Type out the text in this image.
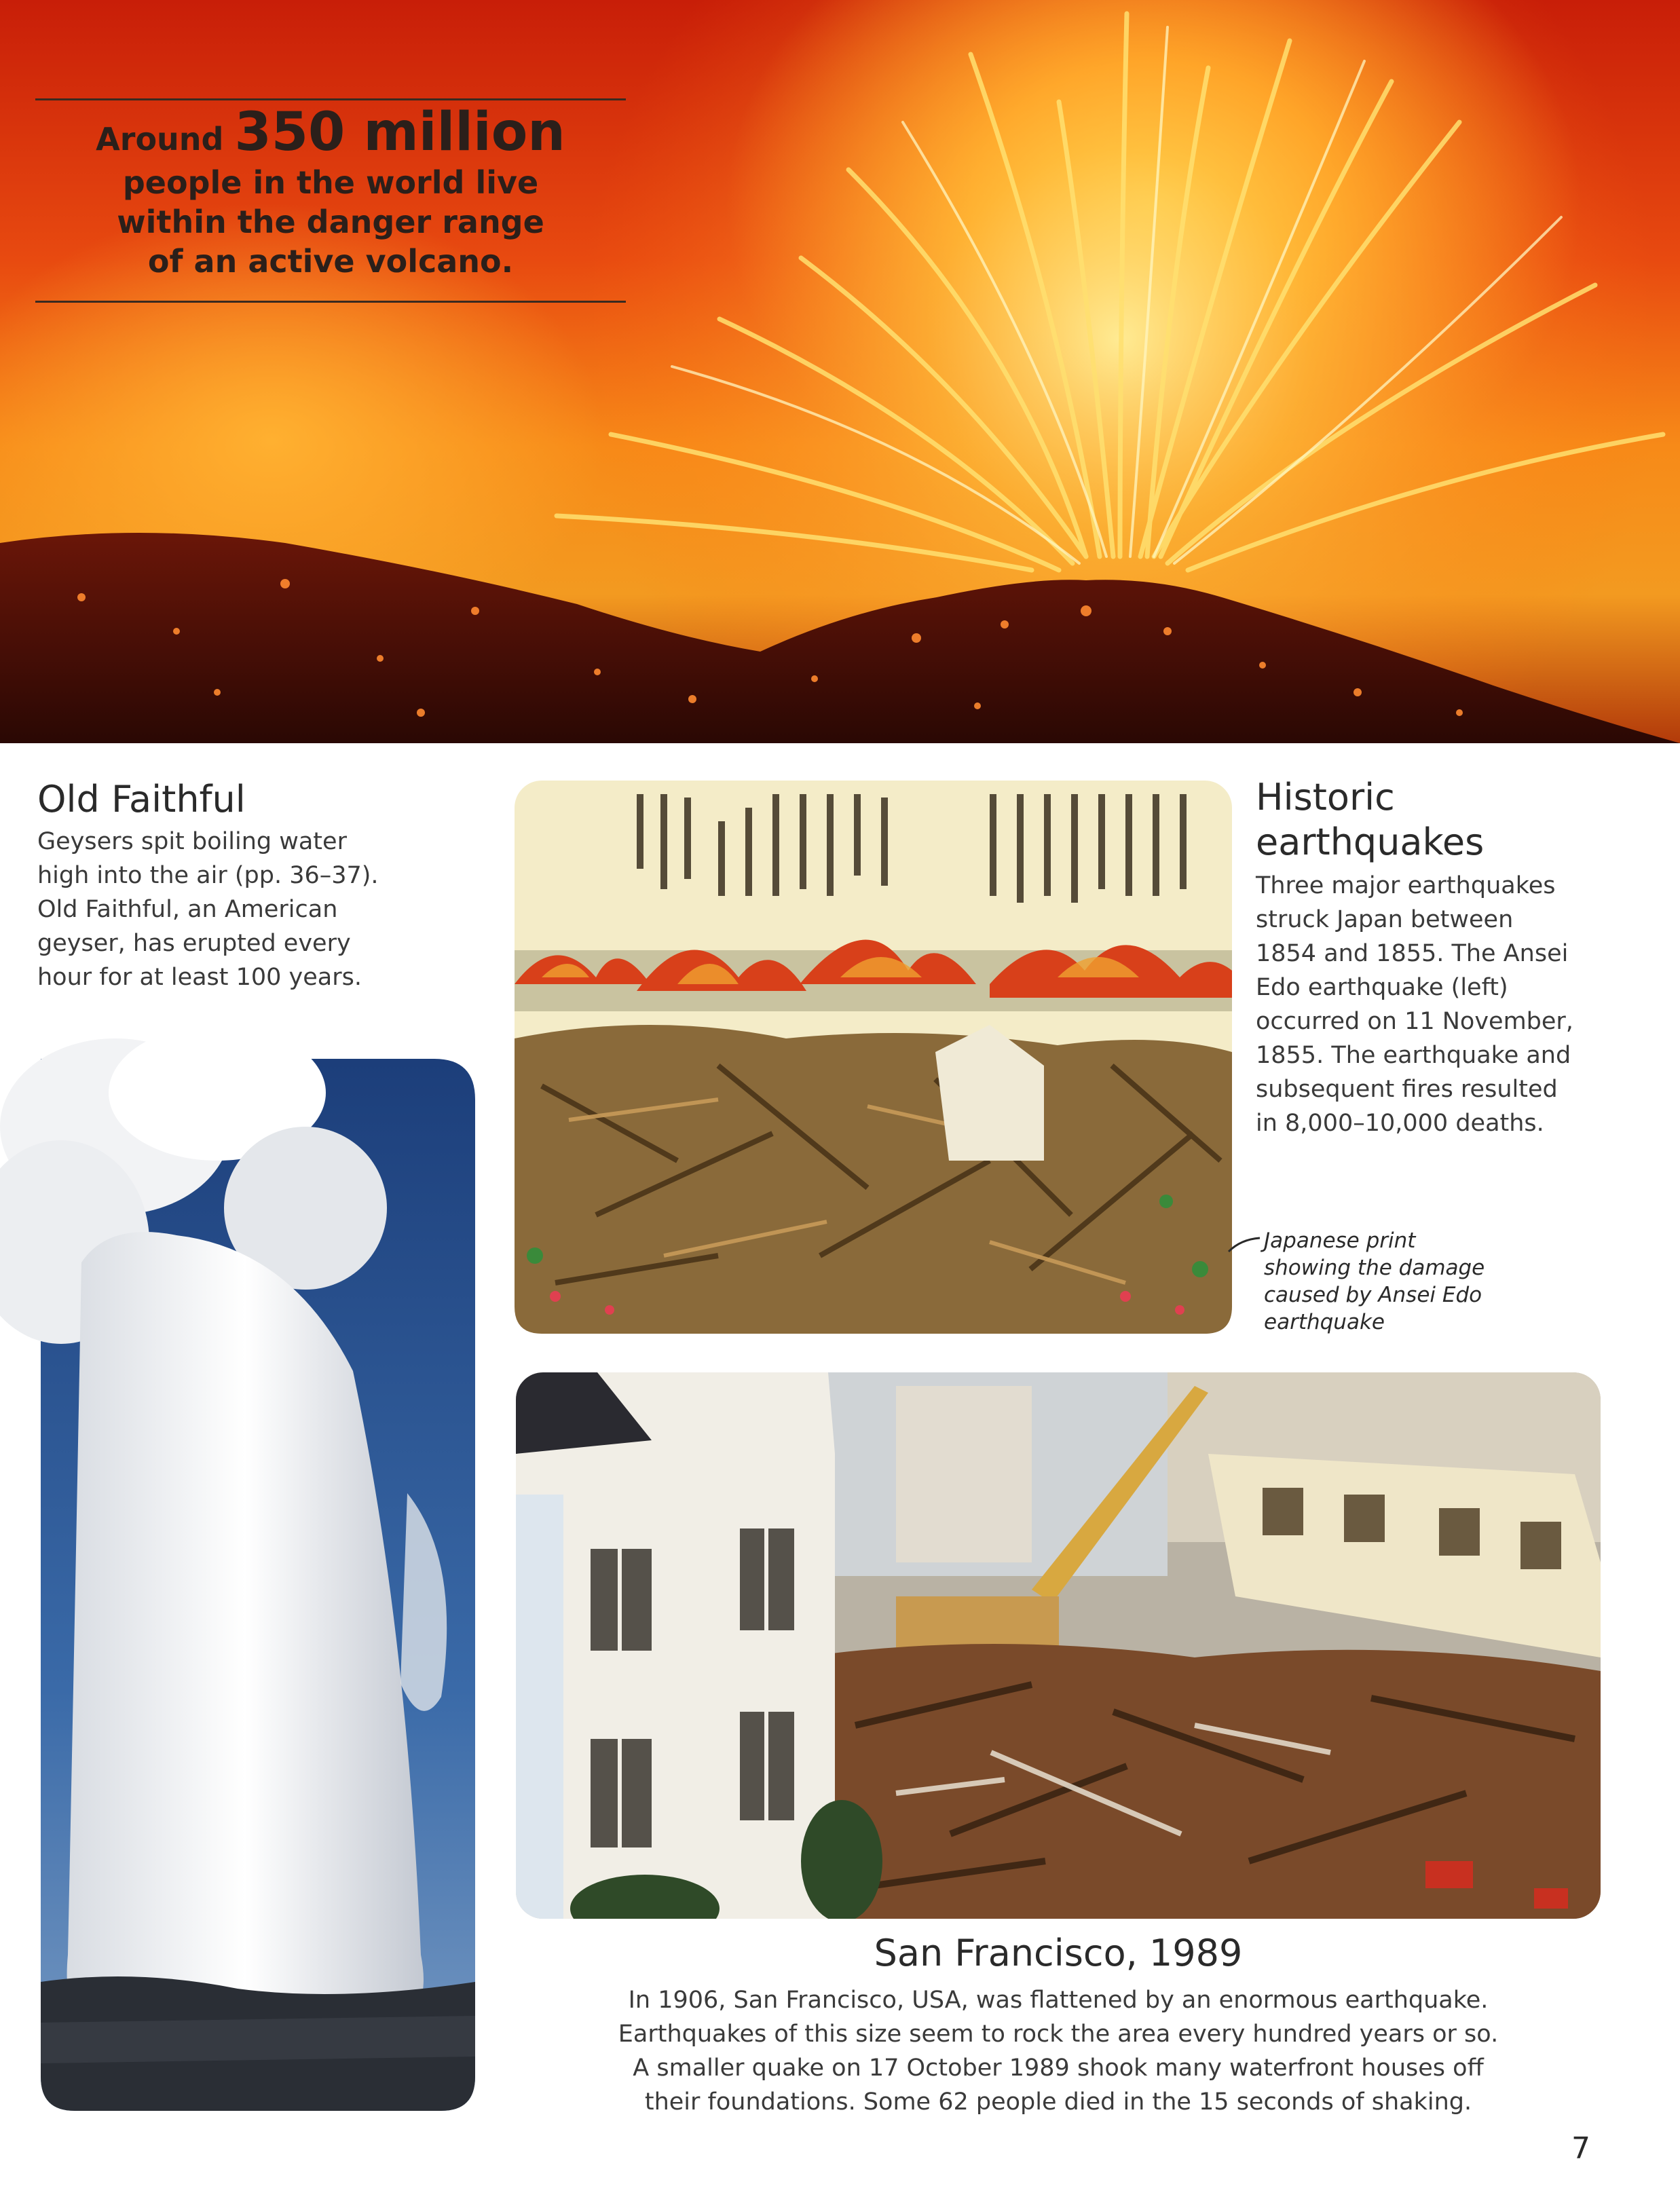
Around 350 million
people in the world live
within the danger range
of an active volcano.
Old Faithful
Geysers spit boiling water
high into the air (pp. 36–37).
Old Faithful, an American
geyser, has erupted every
hour for at least 100 years.
Historic
earthquakes
Three major earthquakes
struck Japan between
1854 and 1855. The Ansei
Edo earthquake (left)
occurred on 11 November,
1855. The earthquake and
subsequent fires resulted
in 8,000–10,000 deaths.
Japanese print
showing the damage
caused by Ansei Edo
earthquake
San Francisco, 1989
In 1906, San Francisco, USA, was flattened by an enormous earthquake.
Earthquakes of this size seem to rock the area every hundred years or so.
A smaller quake on 17 October 1989 shook many waterfront houses off
their foundations. Some 62 people died in the 15 seconds of shaking.
7
